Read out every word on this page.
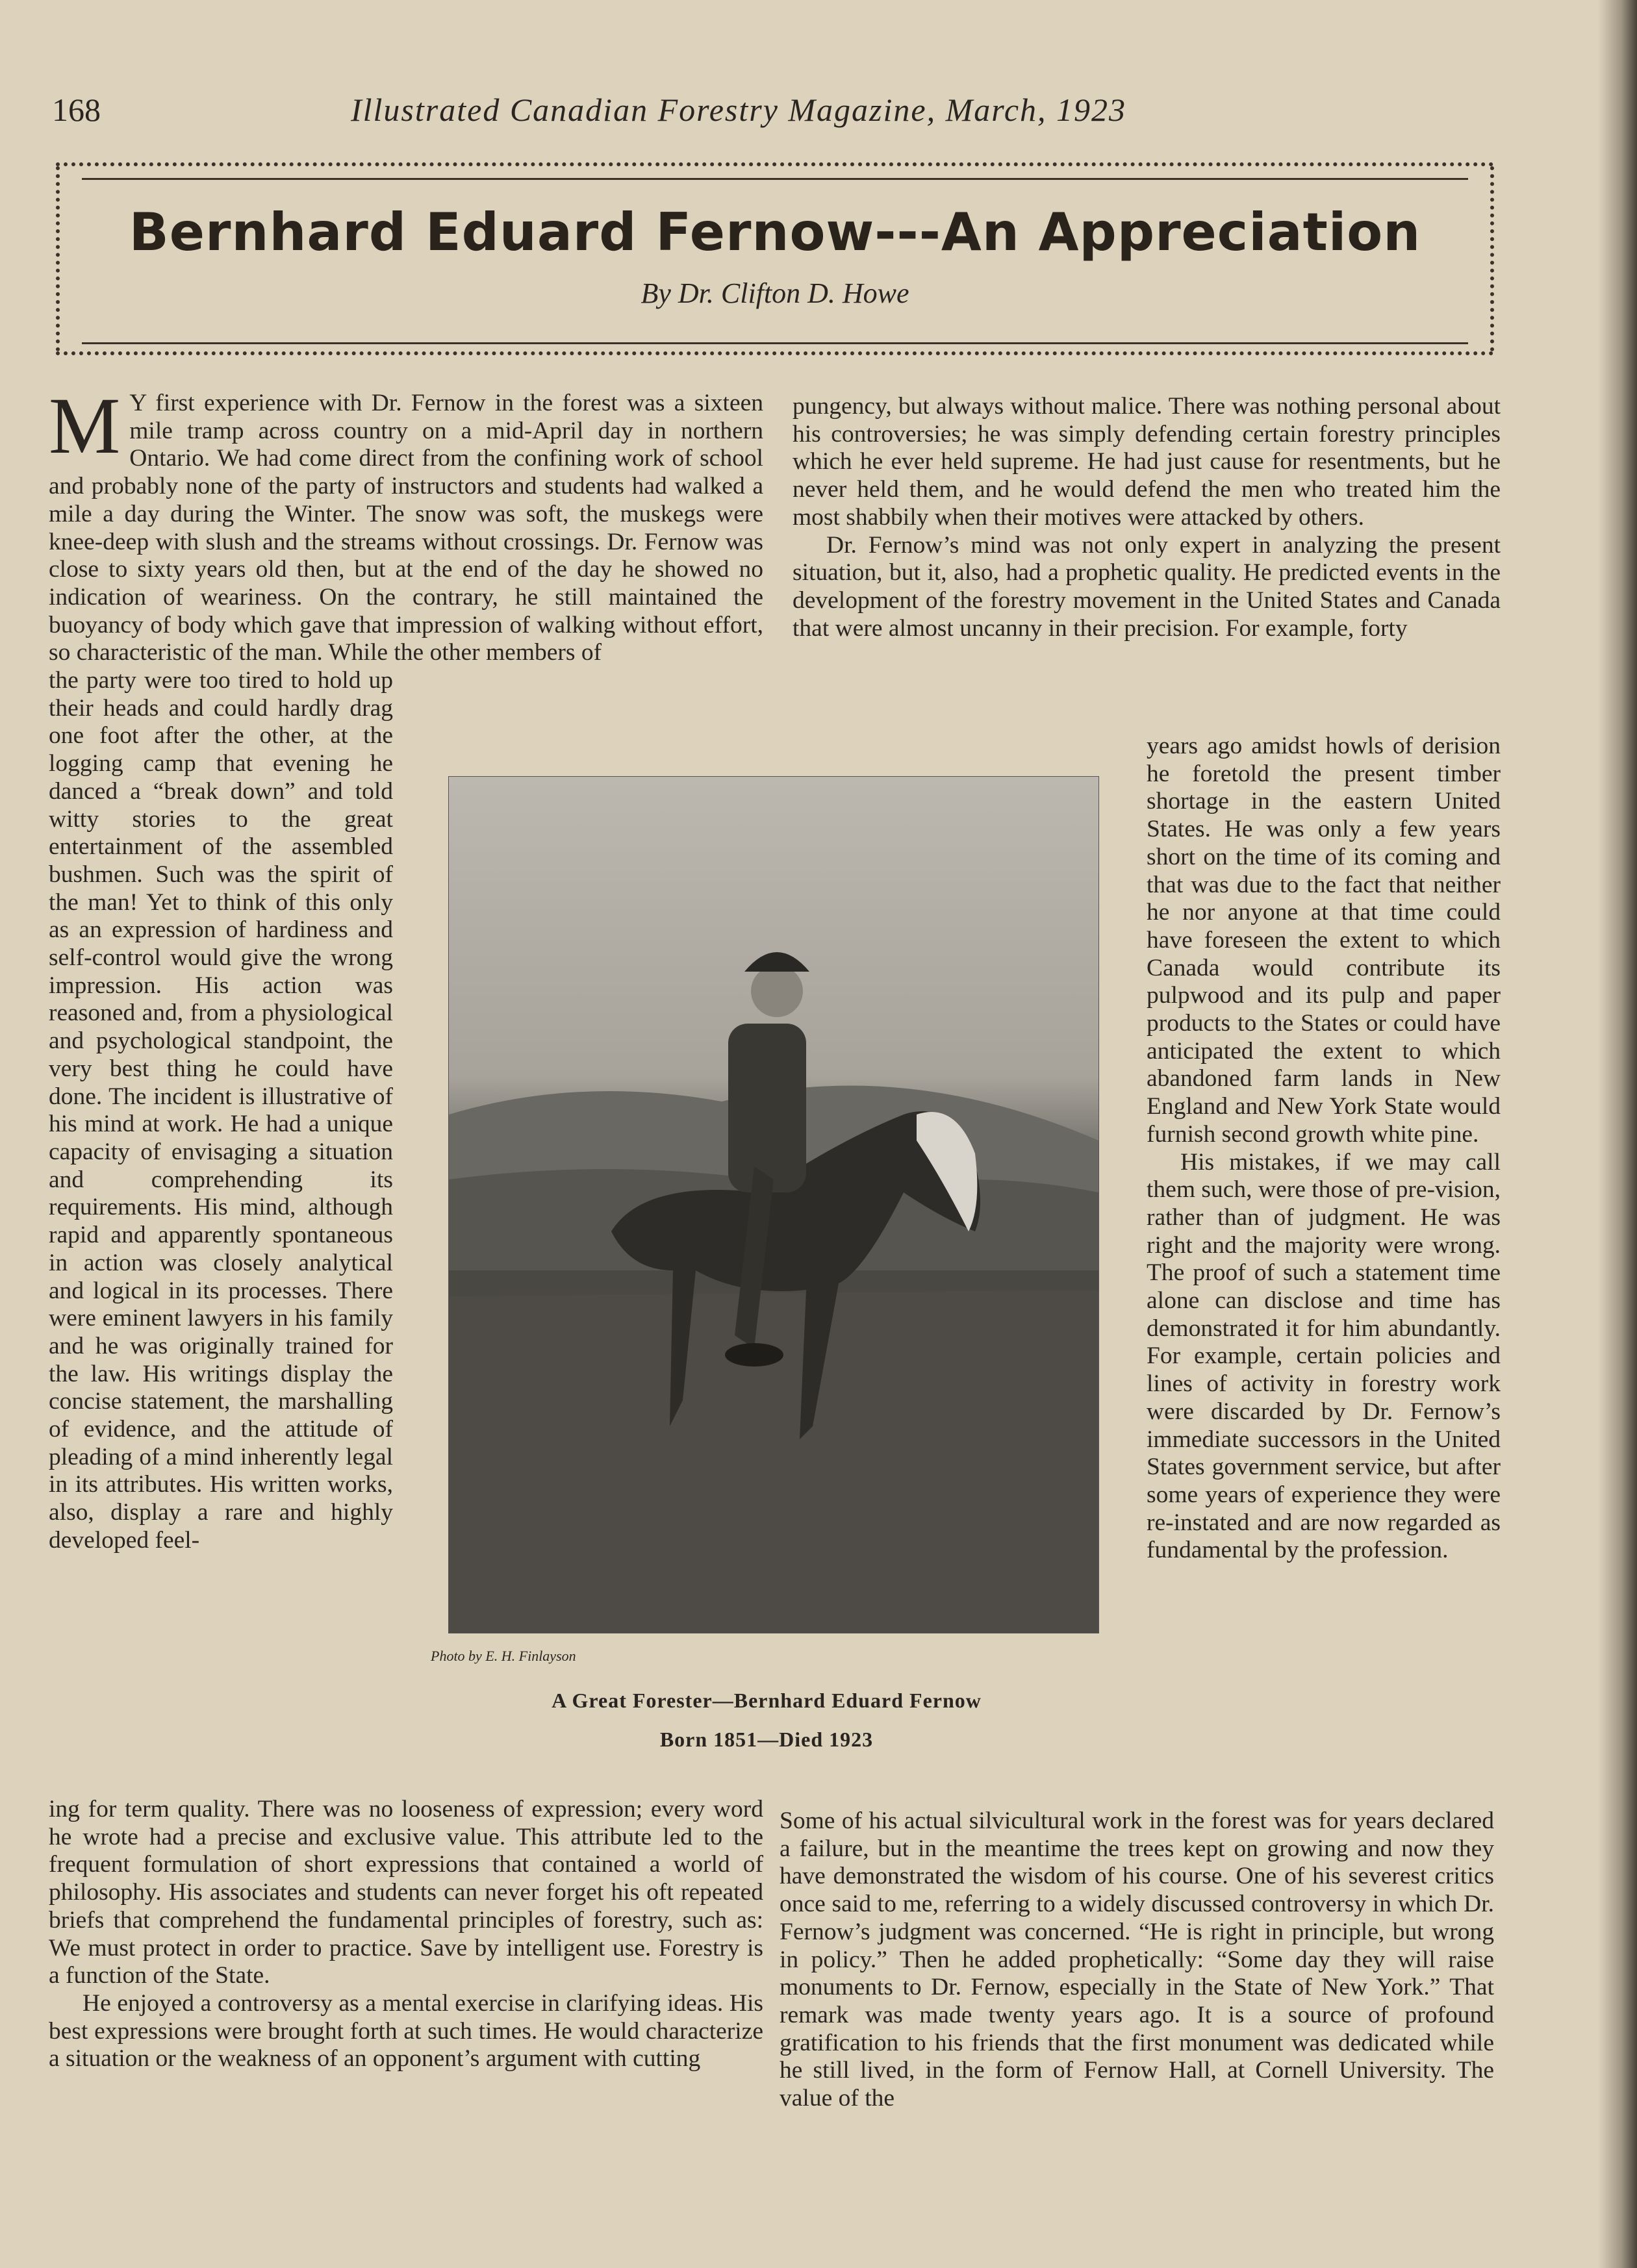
168	Illustrated Canadian Forestry Magazine, March, 1923
Bernhard Eduard Fernow---An Appreciation
By Dr. Clifton D. Howe

M Y first experience with Dr. Fernow in the forest was a sixteen mile tramp across country on a mid-April day in northern Ontario. We had come direct from the confining work of school and probably none of the party of instructors and students had walked a mile a day during the Winter. The snow was soft, the muskegs were knee-deep with slush and the streams without crossings. Dr. Fernow was close to sixty years old then, but at the end of the day he showed no indication of weariness. On the contrary, he still maintained the buoyancy of body which gave that impression of walking without effort, so characteristic of the man. While the other members of

the party were too tired to hold up their heads and could hardly drag one foot after the other, at the logging camp that evening he danced a “break down” and told witty stories to the great entertainment of the assembled bushmen. Such was the spirit of the man! Yet to think of this only as an expression of hardiness and self-control would give the wrong impression. His action was reasoned and, from a physiological and psychological standpoint, the very best thing he could have done. The incident is illustrative of his mind at work. He had a unique capacity of envisaging a situation and comprehending its requirements. His mind, although rapid and apparently spontaneous in action was closely analytical and logical in its processes. There were eminent lawyers in his family and he was originally trained for the law. His writings display the concise statement, the marshalling of evidence, and the attitude of pleading of a mind inherently legal in its attributes. His written works, also, display a rare and highly developed feel-

ing for term quality. There was no looseness of expression; every word he wrote had a precise and exclusive value. This attribute led to the frequent formulation of short expressions that contained a world of philosophy. His associates and students can never forget his oft repeated briefs that comprehend the fundamental principles of forestry, such as: We must protect in order to practice. Save by intelligent use. Forestry is a function of the State.

He enjoyed a controversy as a mental exercise in clarifying ideas. His best expressions were brought forth at such times. He would characterize a situation or the weakness of an opponent’s argument with cutting

pungency, but always without malice. There was nothing personal about his controversies; he was simply defending certain forestry principles which he ever held supreme. He had just cause for resentments, but he never held them, and he would defend the men who treated him the most shabbily when their motives were attacked by others.

Dr. Fernow’s mind was not only expert in analyzing the present situation, but it, also, had a prophetic quality. He predicted events in the development of the forestry movement in the United States and Canada that were almost uncanny in their precision. For example, forty

years ago amidst howls of derision he foretold the present timber shortage in the eastern United States. He was only a few years short on the time of its coming and that was due to the fact that neither he nor anyone at that time could have foreseen the extent to which Canada would contribute its pulpwood and its pulp and paper products to the States or could have anticipated the extent to which abandoned farm lands in New England and New York State would furnish second growth white pine.

His mistakes, if we may call them such, were those of pre-vision, rather than of judgment. He was right and the majority were wrong. The proof of such a statement time alone can disclose and time has demonstrated it for him abundantly. For example, certain policies and lines of activity in forestry work were discarded by Dr. Fernow’s immediate successors in the United States government service, but after some years of experience they were re-instated and are now regarded as fundamental by the profession.

Some of his actual silvicultural work in the forest was for years declared a failure, but in the meantime the trees kept on growing and now they have demonstrated the wisdom of his course. One of his severest critics once said to me, referring to a widely discussed controversy in which Dr. Fernow’s judgment was concerned. “He is right in principle, but wrong in policy.” Then he added prophetically: “Some day they will raise monuments to Dr. Fernow, especially in the State of New York.” That remark was made twenty years ago. It is a source of profound gratification to his friends that the first monument was dedicated while he still lived, in the form of Fernow Hall, at Cornell University. The value of the

Photo by E. H. Finlayson
A Great Forester—Bernhard Eduard Fernow
Born 1851—Died 1923
